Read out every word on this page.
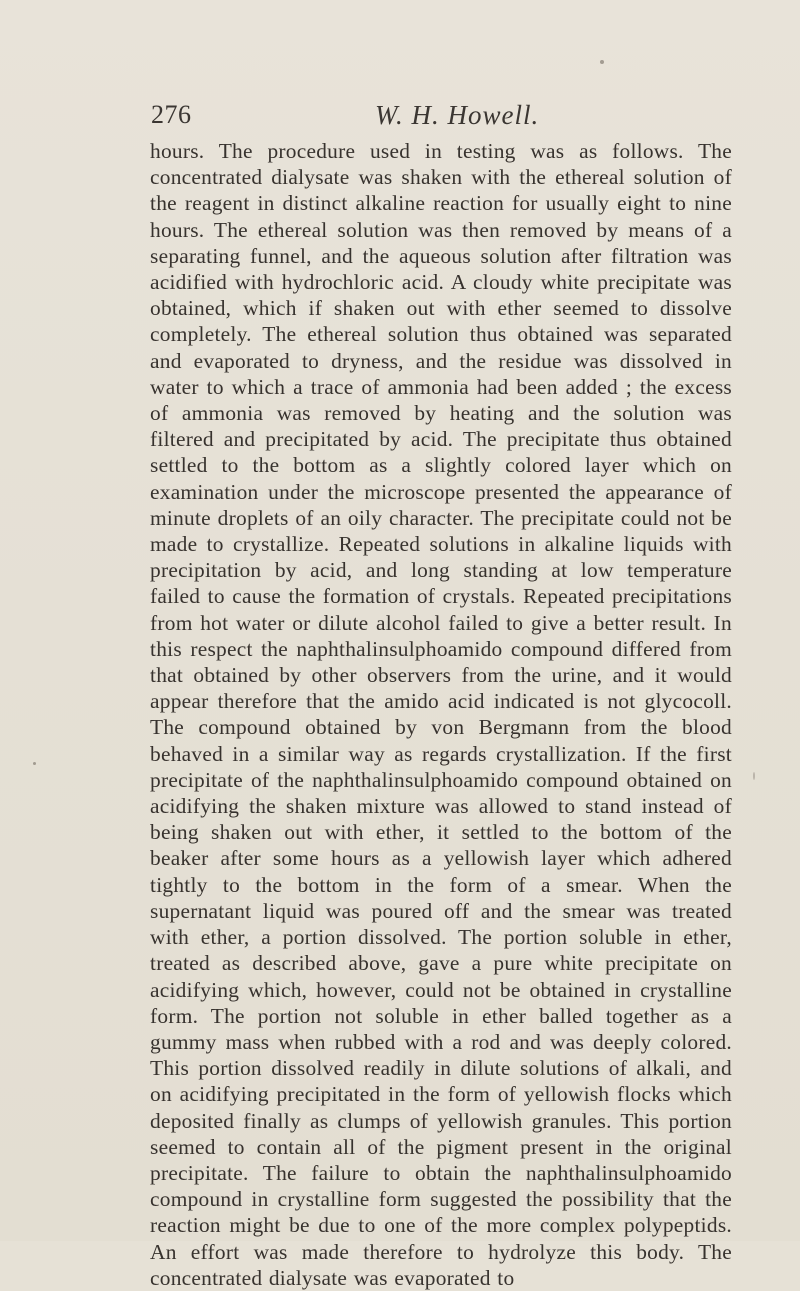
276	W. H. Howell.

hours. The procedure used in testing was as follows. The concentrated dialysate was shaken with the ethereal solution of the reagent in distinct alkaline reaction for usually eight to nine hours. The ethereal solution was then removed by means of a separating funnel, and the aqueous solution after filtration was acidified with hydrochloric acid. A cloudy white precipitate was obtained, which if shaken out with ether seemed to dissolve completely. The ethereal solution thus obtained was separated and evaporated to dryness, and the residue was dissolved in water to which a trace of ammonia had been added ; the excess of ammonia was removed by heating and the solution was filtered and precipitated by acid. The precipitate thus obtained settled to the bottom as a slightly colored layer which on examination under the microscope presented the appearance of minute droplets of an oily character. The precipitate could not be made to crystallize. Repeated solutions in alkaline liquids with precipitation by acid, and long standing at low temperature failed to cause the formation of crystals. Repeated precipitations from hot water or dilute alcohol failed to give a better result. In this respect the naphthalinsulphoamido compound differed from that obtained by other observers from the urine, and it would appear therefore that the amido acid indicated is not glycocoll. The compound obtained by von Bergmann from the blood behaved in a similar way as regards crystallization. If the first precipitate of the naphthalinsulphoamido compound obtained on acidifying the shaken mixture was allowed to stand instead of being shaken out with ether, it settled to the bottom of the beaker after some hours as a yellowish layer which adhered tightly to the bottom in the form of a smear. When the supernatant liquid was poured off and the smear was treated with ether, a portion dissolved. The portion soluble in ether, treated as described above, gave a pure white precipitate on acidifying which, however, could not be obtained in crystalline form. The portion not soluble in ether balled together as a gummy mass when rubbed with a rod and was deeply colored. This portion dissolved readily in dilute solutions of alkali, and on acidifying precipitated in the form of yellowish flocks which deposited finally as clumps of yellowish granules. This portion seemed to contain all of the pigment present in the original precipitate. The failure to obtain the naphthalinsulphoamido compound in crystalline form suggested the possibility that the reaction might be due to one of the more complex polypeptids. An effort was made therefore to hydrolyze this body. The concentrated dialysate was evaporated to
